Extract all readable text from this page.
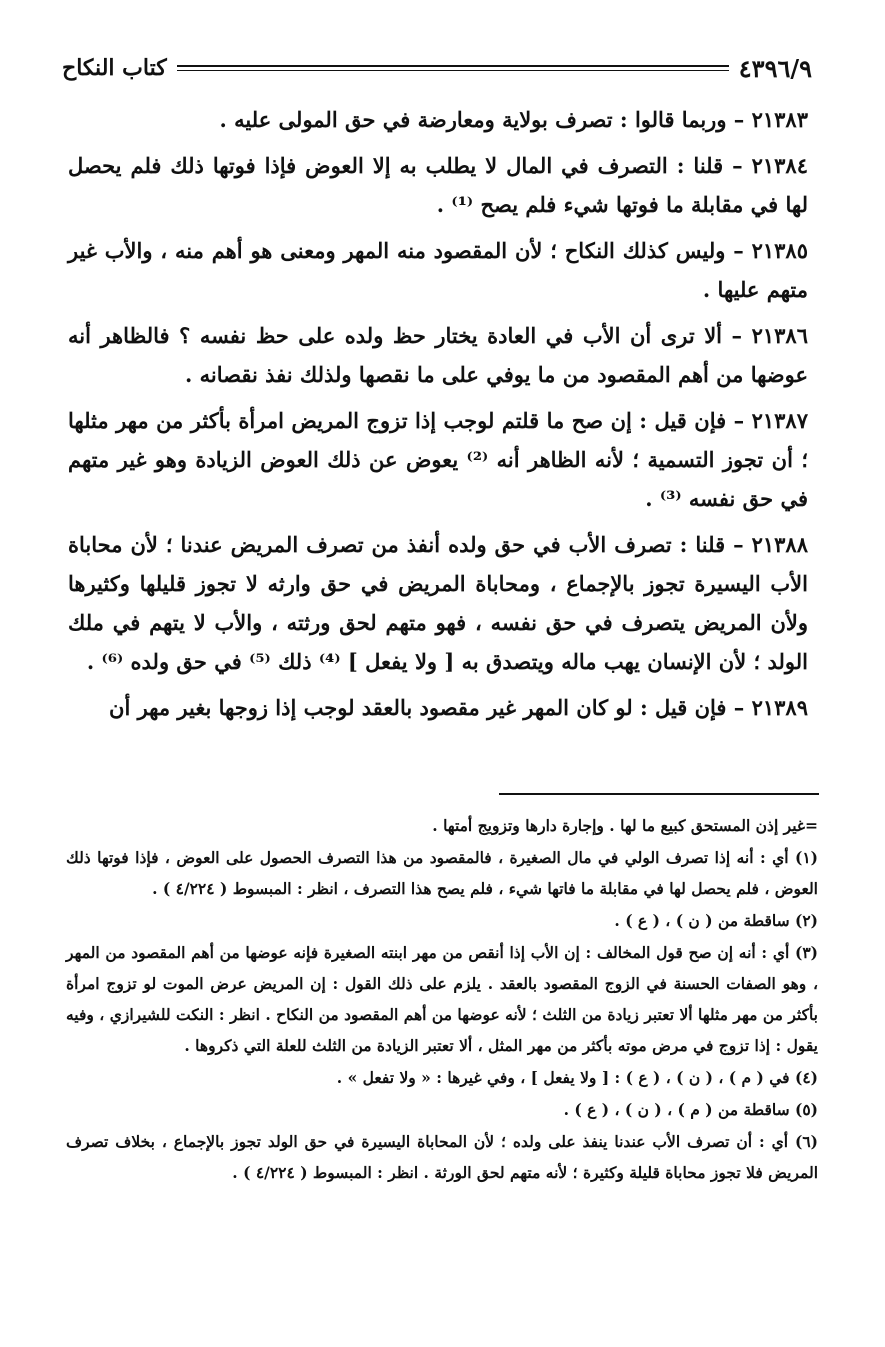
٤٣٩٦/٩
كتاب النكاح

٢١٣٨٣ – وربما قالوا : تصرف بولاية ومعارضة في حق المولى عليه .

٢١٣٨٤ – قلنا : التصرف في المال لا يطلب به إلا العوض فإذا فوتها ذلك فلم يحصل لها في مقابلة ما فوتها شيء فلم يصح ⁽¹⁾ .

٢١٣٨٥ – وليس كذلك النكاح ؛ لأن المقصود منه المهر ومعنى هو أهم منه ، والأب غير متهم عليها .

٢١٣٨٦ – ألا ترى أن الأب في العادة يختار حظ ولده على حظ نفسه ؟ فالظاهر أنه عوضها من أهم المقصود من ما يوفي على ما نقصها ولذلك نفذ نقصانه .

٢١٣٨٧ – فإن قيل : إن صح ما قلتم لوجب إذا تزوج المريض امرأة بأكثر من مهر مثلها ؛ أن تجوز التسمية ؛ لأنه الظاهر أنه ⁽²⁾ يعوض عن ذلك العوض الزيادة وهو غير متهم في حق نفسه ⁽³⁾ .

٢١٣٨٨ – قلنا : تصرف الأب في حق ولده أنفذ من تصرف المريض عندنا ؛ لأن محاباة الأب اليسيرة تجوز بالإجماع ، ومحاباة المريض في حق وارثه لا تجوز قليلها وكثيرها ولأن المريض يتصرف في حق نفسه ، فهو متهم لحق ورثته ، والأب لا يتهم في ملك الولد ؛ لأن الإنسان يهب ماله ويتصدق به [ ولا يفعل ] ⁽⁴⁾ ذلك ⁽⁵⁾ في حق ولده ⁽⁶⁾ .

٢١٣٨٩ – فإن قيل : لو كان المهر غير مقصود بالعقد لوجب إذا زوجها بغير مهر أن

=غير إذن المستحق كبيع ما لها . وإجارة دارها وتزويج أمتها .

(١) أي : أنه إذا تصرف الولي في مال الصغيرة ، فالمقصود من هذا التصرف الحصول على العوض ، فإذا فوتها ذلك العوض ، فلم يحصل لها في مقابلة ما فاتها شيء ، فلم يصح هذا التصرف ، انظر : المبسوط ( ٤/٢٢٤ ) .

(٢) ساقطة من ( ن ) ، ( ع ) .

(٣) أي : أنه إن صح قول المخالف : إن الأب إذا أنقص من مهر ابنته الصغيرة فإنه عوضها من أهم المقصود من المهر ، وهو الصفات الحسنة في الزوج المقصود بالعقد . يلزم على ذلك القول : إن المريض عرض الموت لو تزوج امرأة بأكثر من مهر مثلها ألا تعتبر زيادة من الثلث ؛ لأنه عوضها من أهم المقصود من النكاح . انظر : النكت للشيرازي ، وفيه يقول : إذا تزوج في مرض موته بأكثر من مهر المثل ، ألا تعتبر الزيادة من الثلث للعلة التي ذكروها .

(٤) في ( م ) ، ( ن ) ، ( ع ) : [ ولا يفعل ] ، وفي غيرها : « ولا تفعل » .

(٥) ساقطة من ( م ) ، ( ن ) ، ( ع ) .

(٦) أي : أن تصرف الأب عندنا ينفذ على ولده ؛ لأن المحاباة اليسيرة في حق الولد تجوز بالإجماع ، بخلاف تصرف المريض فلا تجوز محاباة قليلة وكثيرة ؛ لأنه متهم لحق الورثة . انظر : المبسوط ( ٤/٢٢٤ ) .
